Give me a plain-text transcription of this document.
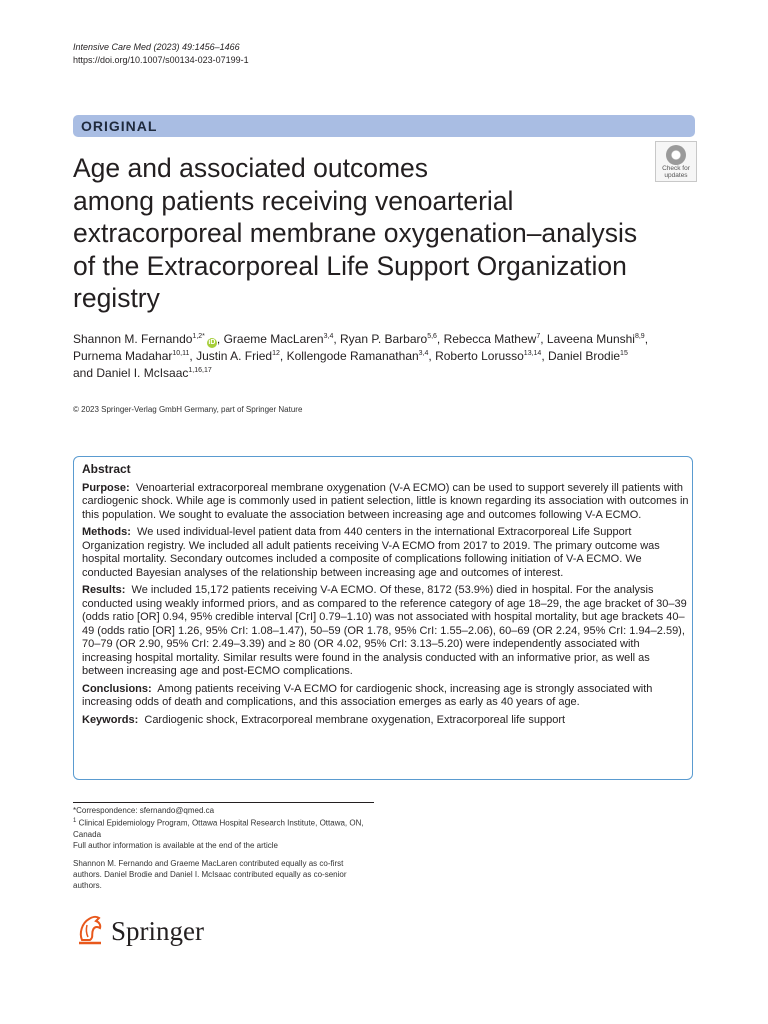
Intensive Care Med (2023) 49:1456–1466
https://doi.org/10.1007/s00134-023-07199-1
ORIGINAL
Age and associated outcomes
among patients receiving venoarterial
extracorporeal membrane oxygenation–analysis
of the Extracorporeal Life Support Organization
registry
Check for
updates
Shannon M. Fernando$^{1,2*}$iD , Graeme MacLaren$^{3,4}$, Ryan P. Barbaro$^{5,6}$, Rebecca Mathew$^7$, Laveena Munshi$^{8,9}$,
Purnema Madahar$^{10,11}$, Justin A. Fried$^{12}$, Kollengode Ramanathan$^{3,4}$, Roberto Lorusso$^{13,14}$, Daniel Brodie$^{15}$
and Daniel I. McIsaac$^{1,16,17}$
© 2023 Springer-Verlag GmbH Germany, part of Springer Nature
Abstract

Purpose: Venoarterial extracorporeal membrane oxygenation (V-A ECMO) can be used to support severely ill patients with cardiogenic shock. While age is commonly used in patient selection, little is known regarding its association with outcomes in this population. We sought to evaluate the association between increasing age and outcomes following V-A ECMO.

Methods: We used individual-level patient data from 440 centers in the international Extracorporeal Life Support Organization registry. We included all adult patients receiving V-A ECMO from 2017 to 2019. The primary outcome was hospital mortality. Secondary outcomes included a composite of complications following initiation of V-A ECMO. We conducted Bayesian analyses of the relationship between increasing age and outcomes of interest.

Results: We included 15,172 patients receiving V-A ECMO. Of these, 8172 (53.9%) died in hospital. For the analysis conducted using weakly informed priors, and as compared to the reference category of age 18–29, the age bracket of 30–39 (odds ratio [OR] 0.94, 95% credible interval [CrI] 0.79–1.10) was not associated with hospital mortality, but age brackets 40–49 (odds ratio [OR] 1.26, 95% CrI: 1.08–1.47), 50–59 (OR 1.78, 95% CrI: 1.55–2.06), 60–69 (OR 2.24, 95% CrI: 1.94–2.59), 70–79 (OR 2.90, 95% CrI: 2.49–3.39) and ≥ 80 (OR 4.02, 95% CrI: 3.13–5.20) were independently associated with increasing hospital mortality. Similar results were found in the analysis conducted with an informative prior, as well as between increasing age and post-ECMO complications.

Conclusions: Among patients receiving V-A ECMO for cardiogenic shock, increasing age is strongly associated with increasing odds of death and complications, and this association emerges as early as 40 years of age.

Keywords: Cardiogenic shock, Extracorporeal membrane oxygenation, Extracorporeal life support

*Correspondence: sfernando@qmed.ca
$^1$ Clinical Epidemiology Program, Ottawa Hospital Research Institute, Ottawa, ON, Canada
Full author information is available at the end of the article
Shannon M. Fernando and Graeme MacLaren contributed equally as co-first authors. Daniel Brodie and Daniel I. McIsaac contributed equally as co-senior authors.
Springer
